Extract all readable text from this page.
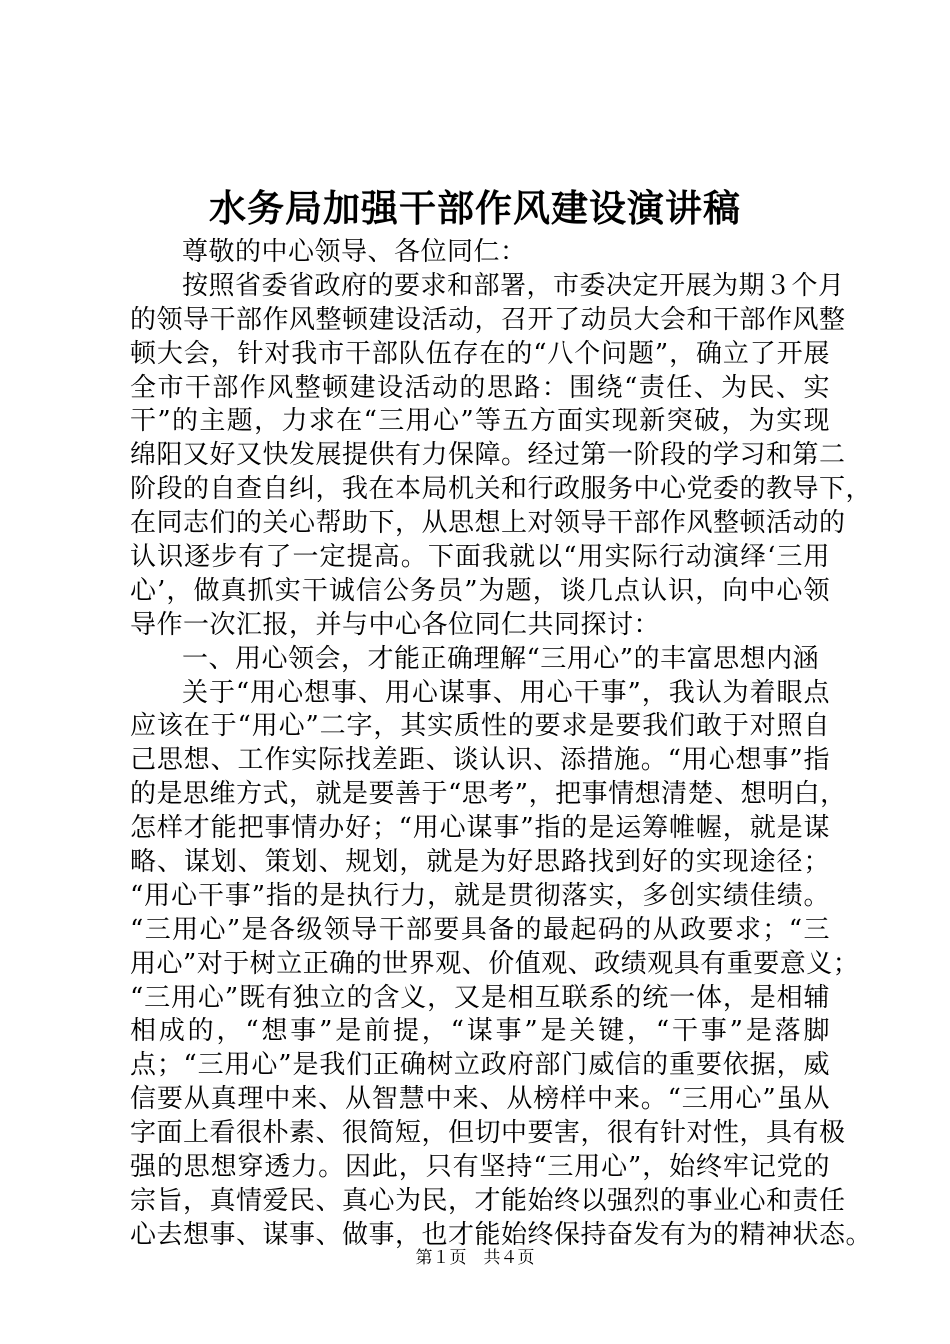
水务局加强干部作风建设演讲稿
尊敬的中心领导、各位同仁：
按照省委省政府的要求和部署，市委决定开展为期３个月
的领导干部作风整顿建设活动，召开了动员大会和干部作风整
顿大会，针对我市干部队伍存在的“八个问题”，确立了开展
全市干部作风整顿建设活动的思路：围绕“责任、为民、实
干”的主题，力求在“三用心”等五方面实现新突破，为实现
绵阳又好又快发展提供有力保障。经过第一阶段的学习和第二
阶段的自查自纠，我在本局机关和行政服务中心党委的教导下，
在同志们的关心帮助下，从思想上对领导干部作风整顿活动的
认识逐步有了一定提高。下面我就以“用实际行动演绎‘三用
心’，做真抓实干诚信公务员”为题，谈几点认识，向中心领
导作一次汇报，并与中心各位同仁共同探讨：
一、用心领会，才能正确理解“三用心”的丰富思想内涵
关于“用心想事、用心谋事、用心干事”，我认为着眼点
应该在于“用心”二字，其实质性的要求是要我们敢于对照自
己思想、工作实际找差距、谈认识、添措施。“用心想事”指
的是思维方式，就是要善于“思考”，把事情想清楚、想明白，
怎样才能把事情办好；“用心谋事”指的是运筹帷幄，就是谋
略、谋划、策划、规划，就是为好思路找到好的实现途径；
“用心干事”指的是执行力，就是贯彻落实，多创实绩佳绩。
“三用心”是各级领导干部要具备的最起码的从政要求；“三
用心”对于树立正确的世界观、价值观、政绩观具有重要意义；
“三用心”既有独立的含义，又是相互联系的统一体，是相辅
相成的，“想事”是前提，“谋事”是关键，“干事”是落脚
点；“三用心”是我们正确树立政府部门威信的重要依据，威
信要从真理中来、从智慧中来、从榜样中来。“三用心”虽从
字面上看很朴素、很简短，但切中要害，很有针对性，具有极
强的思想穿透力。因此，只有坚持“三用心”，始终牢记党的
宗旨，真情爱民、真心为民，才能始终以强烈的事业心和责任
心去想事、谋事、做事，也才能始终保持奋发有为的精神状态。
第１页　共４页
